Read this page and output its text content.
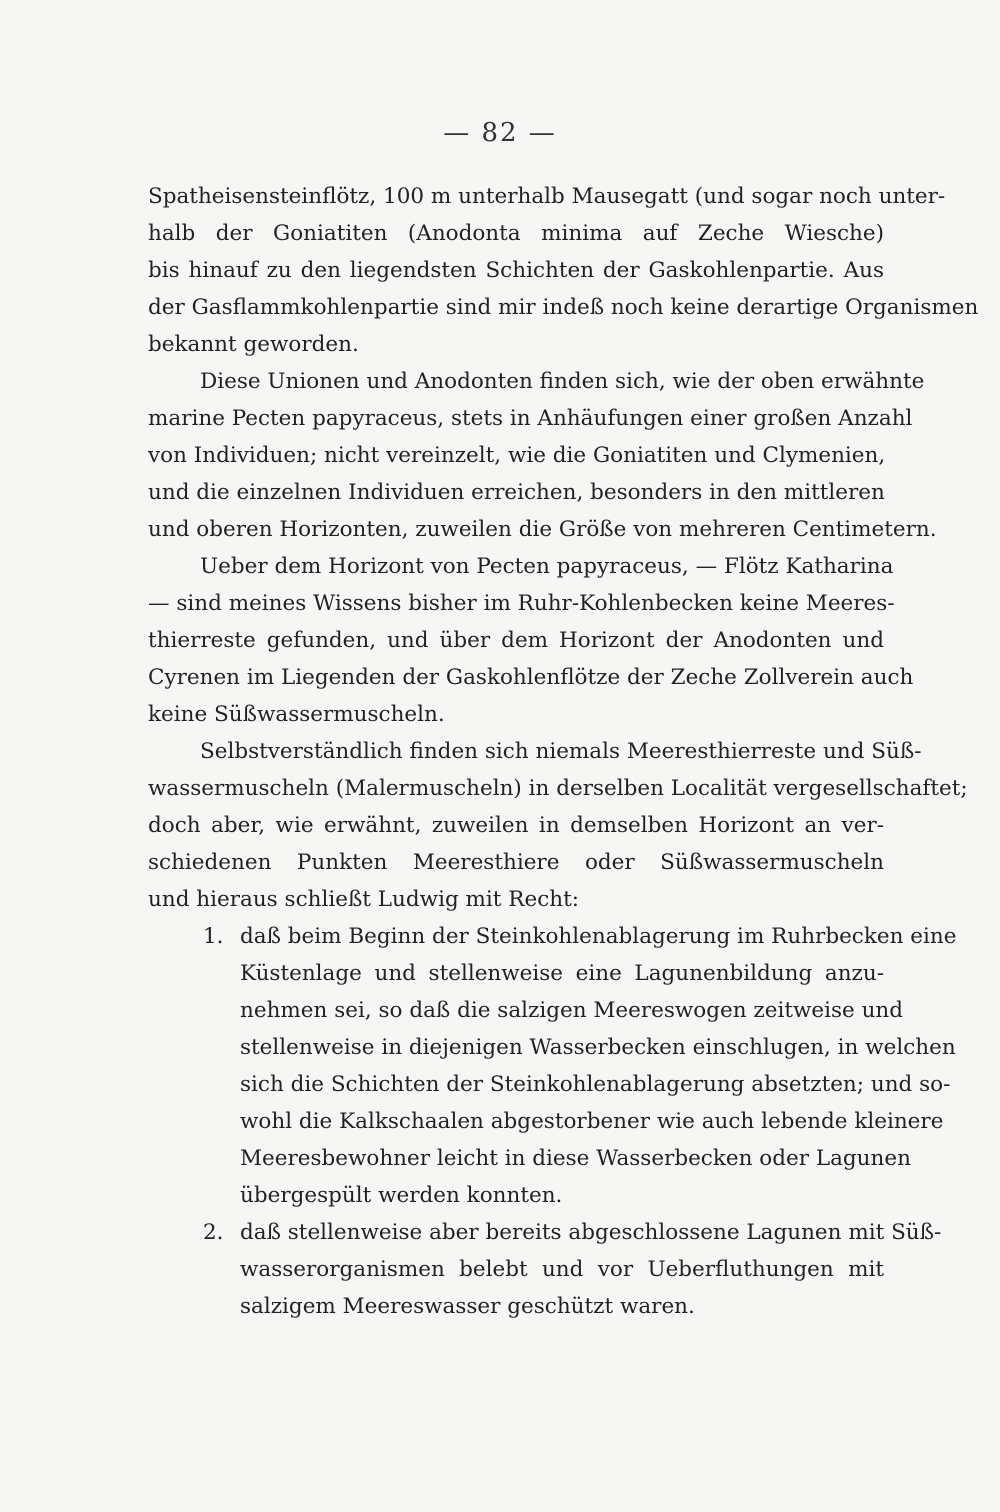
— 82 —
Spatheisensteinflötz, 100 m unterhalb Mausegatt (und sogar noch unter-
halb der Goniatiten (Anodonta minima auf Zeche Wiesche)
bis hinauf zu den liegendsten Schichten der Gaskohlenpartie. Aus
der Gasflammkohlenpartie sind mir indeß noch keine derartige Organismen
bekannt geworden.
Diese Unionen und Anodonten finden sich, wie der oben erwähnte
marine Pecten papyraceus, stets in Anhäufungen einer großen Anzahl
von Individuen; nicht vereinzelt, wie die Goniatiten und Clymenien,
und die einzelnen Individuen erreichen, besonders in den mittleren
und oberen Horizonten, zuweilen die Größe von mehreren Centimetern.
Ueber dem Horizont von Pecten papyraceus, — Flötz Katharina
— sind meines Wissens bisher im Ruhr-Kohlenbecken keine Meeres-
thierreste gefunden, und über dem Horizont der Anodonten und
Cyrenen im Liegenden der Gaskohlenflötze der Zeche Zollverein auch
keine Süßwassermuscheln.
Selbstverständlich finden sich niemals Meeresthierreste und Süß-
wassermuscheln (Malermuscheln) in derselben Localität vergesellschaftet;
doch aber, wie erwähnt, zuweilen in demselben Horizont an ver-
schiedenen Punkten Meeresthiere oder Süßwassermuscheln
und hieraus schließt Ludwig mit Recht:
1. daß beim Beginn der Steinkohlenablagerung im Ruhrbecken eine
Küstenlage und stellenweise eine Lagunenbildung anzu-
nehmen sei, so daß die salzigen Meereswogen zeitweise und
stellenweise in diejenigen Wasserbecken einschlugen, in welchen
sich die Schichten der Steinkohlenablagerung absetzten; und so-
wohl die Kalkschaalen abgestorbener wie auch lebende kleinere
Meeresbewohner leicht in diese Wasserbecken oder Lagunen
übergespült werden konnten.
2. daß stellenweise aber bereits abgeschlossene Lagunen mit Süß-
wasserorganismen belebt und vor Ueberfluthungen mit
salzigem Meereswasser geschützt waren.
